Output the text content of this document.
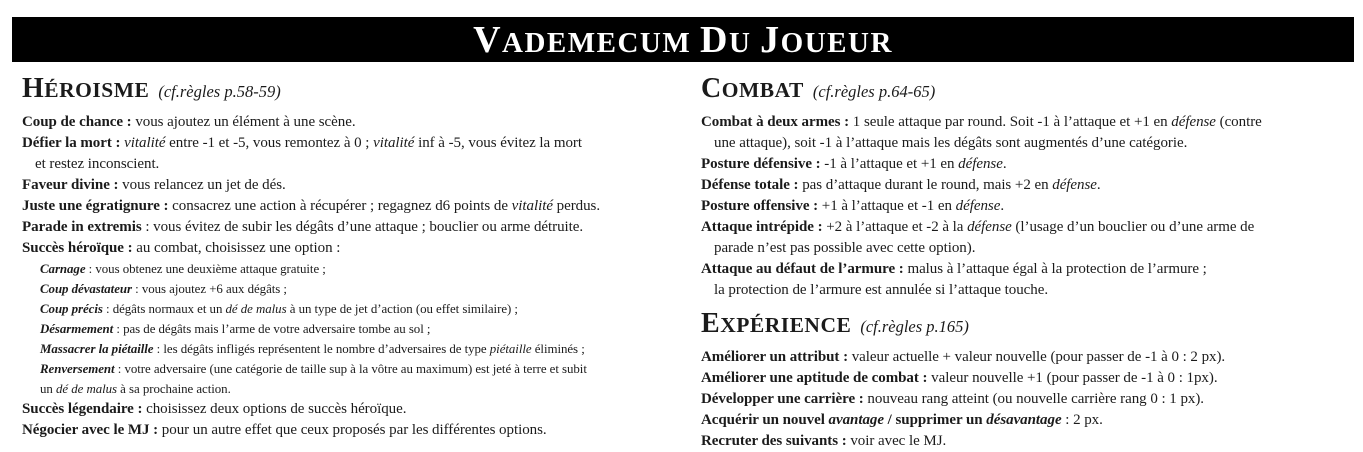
VADEMECUM DU JOUEUR
HÉROISME (cf.règles p.58-59)

Coup de chance : vous ajoutez un élément à une scène.

Défier la mort : vitalité entre -1 et -5, vous remontez à 0 ; vitalité inf à -5, vous évitez la mort
et restez inconscient.

Faveur divine : vous relancez un jet de dés.

Juste une égratignure : consacrez une action à récupérer ; regagnez d6 points de vitalité perdus.

Parade in extremis : vous évitez de subir les dégâts d’une attaque ; bouclier ou arme détruite.

Succès héroïque : au combat, choisissez une option :

Carnage : vous obtenez une deuxième attaque gratuite ;

Coup dévastateur : vous ajoutez +6 aux dégâts ;

Coup précis : dégâts normaux et un dé de malus à un type de jet d’action (ou effet similaire) ;

Désarmement : pas de dégâts mais l’arme de votre adversaire tombe au sol ;

Massacrer la piétaille : les dégâts infligés représentent le nombre d’adversaires de type piétaille éliminés ;

Renversement : votre adversaire (une catégorie de taille sup à la vôtre au maximum) est jeté à terre et subit
un dé de malus à sa prochaine action.

Succès légendaire : choisissez deux options de succès héroïque.

Négocier avec le MJ : pour un autre effet que ceux proposés par les différentes options.

COMBAT (cf.règles p.64-65)

Combat à deux armes : 1 seule attaque par round. Soit -1 à l’attaque et +1 en défense (contre
une attaque), soit -1 à l’attaque mais les dégâts sont augmentés d’une catégorie.

Posture défensive : -1 à l’attaque et +1 en défense.

Défense totale : pas d’attaque durant le round, mais +2 en défense.

Posture offensive : +1 à l’attaque et -1 en défense.

Attaque intrépide : +2 à l’attaque et -2 à la défense (l’usage d’un bouclier ou d’une arme de
parade n’est pas possible avec cette option).

Attaque au défaut de l’armure : malus à l’attaque égal à la protection de l’armure ;
la protection de l’armure est annulée si l’attaque touche.

EXPÉRIENCE (cf.règles p.165)

Améliorer un attribut : valeur actuelle + valeur nouvelle (pour passer de -1 à 0 : 2 px).

Améliorer une aptitude de combat : valeur nouvelle +1 (pour passer de -1 à 0 : 1px).

Développer une carrière : nouveau rang atteint (ou nouvelle carrière rang 0 : 1 px).

Acquérir un nouvel avantage / supprimer un désavantage : 2 px.

Recruter des suivants : voir avec le MJ.
